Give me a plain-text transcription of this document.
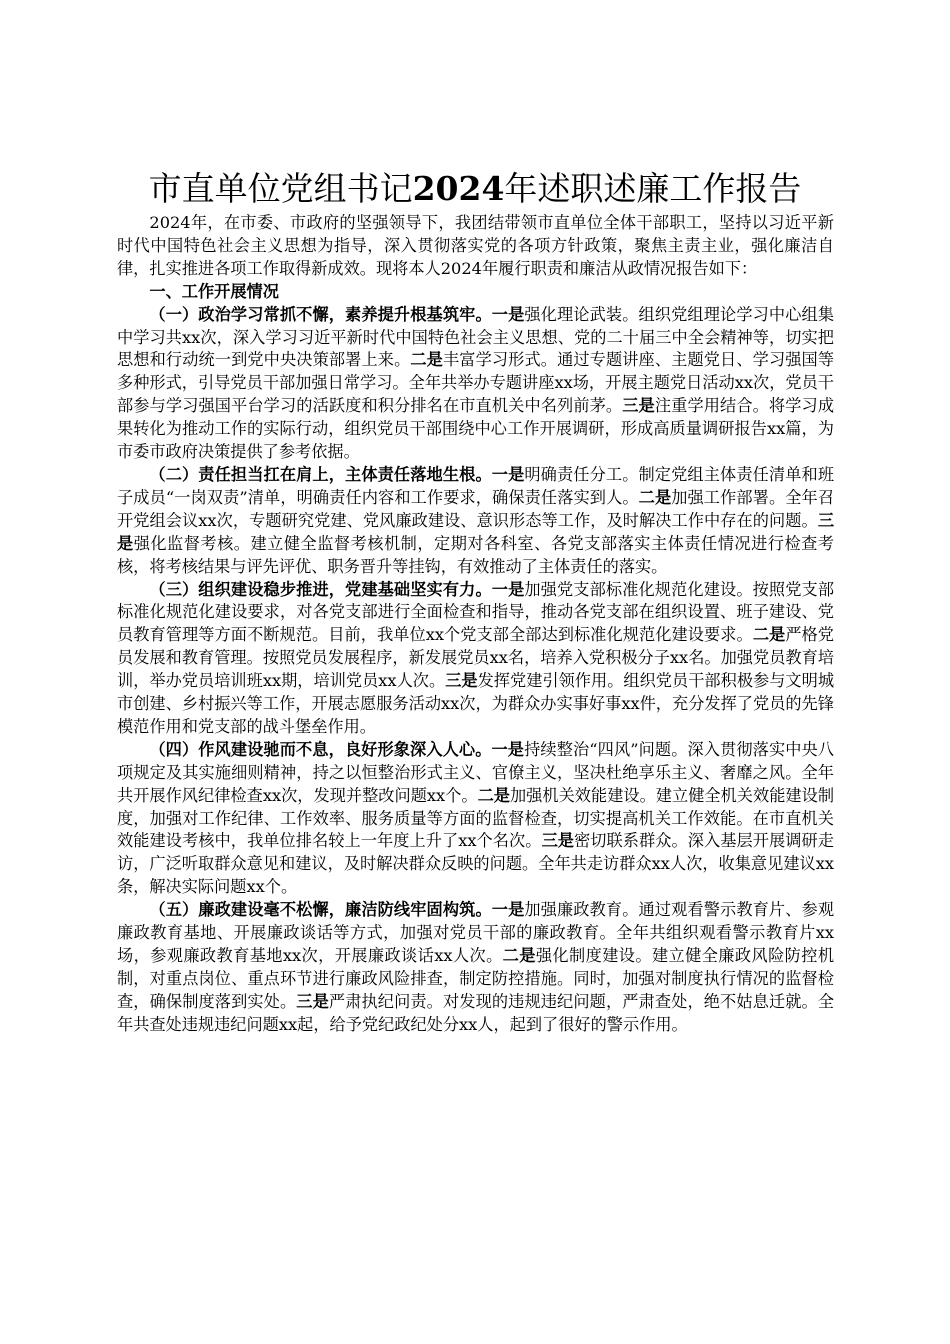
市直单位党组书记2024年述职述廉工作报告

2024年，在市委、市政府的坚强领导下，我团结带领市直单位全体干部职工，坚持以习近平新时代中国特色社会主义思想为指导，深入贯彻落实党的各项方针政策，聚焦主责主业，强化廉洁自律，扎实推进各项工作取得新成效。现将本人2024年履行职责和廉洁从政情况报告如下：

一、工作开展情况

（一）政治学习常抓不懈，素养提升根基筑牢。一是强化理论武装。组织党组理论学习中心组集中学习共xx次，深入学习习近平新时代中国特色社会主义思想、党的二十届三中全会精神等，切实把思想和行动统一到党中央决策部署上来。二是丰富学习形式。通过专题讲座、主题党日、学习强国等多种形式，引导党员干部加强日常学习。全年共举办专题讲座xx场，开展主题党日活动xx次，党员干部参与学习强国平台学习的活跃度和积分排名在市直机关中名列前茅。三是注重学用结合。将学习成果转化为推动工作的实际行动，组织党员干部围绕中心工作开展调研，形成高质量调研报告xx篇，为市委市政府决策提供了参考依据。

（二）责任担当扛在肩上，主体责任落地生根。一是明确责任分工。制定党组主体责任清单和班子成员“一岗双责”清单，明确责任内容和工作要求，确保责任落实到人。二是加强工作部署。全年召开党组会议xx次，专题研究党建、党风廉政建设、意识形态等工作，及时解决工作中存在的问题。三是强化监督考核。建立健全监督考核机制，定期对各科室、各党支部落实主体责任情况进行检查考核，将考核结果与评先评优、职务晋升等挂钩，有效推动了主体责任的落实。

（三）组织建设稳步推进，党建基础坚实有力。一是加强党支部标准化规范化建设。按照党支部标准化规范化建设要求，对各党支部进行全面检查和指导，推动各党支部在组织设置、班子建设、党员教育管理等方面不断规范。目前，我单位xx个党支部全部达到标准化规范化建设要求。二是严格党员发展和教育管理。按照党员发展程序，新发展党员xx名，培养入党积极分子xx名。加强党员教育培训，举办党员培训班xx期，培训党员xx人次。三是发挥党建引领作用。组织党员干部积极参与文明城市创建、乡村振兴等工作，开展志愿服务活动xx次，为群众办实事好事xx件，充分发挥了党员的先锋模范作用和党支部的战斗堡垒作用。

（四）作风建设驰而不息，良好形象深入人心。一是持续整治“四风”问题。深入贯彻落实中央八项规定及其实施细则精神，持之以恒整治形式主义、官僚主义，坚决杜绝享乐主义、奢靡之风。全年共开展作风纪律检查xx次，发现并整改问题xx个。二是加强机关效能建设。建立健全机关效能建设制度，加强对工作纪律、工作效率、服务质量等方面的监督检查，切实提高机关工作效能。在市直机关效能建设考核中，我单位排名较上一年度上升了xx个名次。三是密切联系群众。深入基层开展调研走访，广泛听取群众意见和建议，及时解决群众反映的问题。全年共走访群众xx人次，收集意见建议xx条，解决实际问题xx个。

（五）廉政建设毫不松懈，廉洁防线牢固构筑。一是加强廉政教育。通过观看警示教育片、参观廉政教育基地、开展廉政谈话等方式，加强对党员干部的廉政教育。全年共组织观看警示教育片xx场，参观廉政教育基地xx次，开展廉政谈话xx人次。二是强化制度建设。建立健全廉政风险防控机制，对重点岗位、重点环节进行廉政风险排查，制定防控措施。同时，加强对制度执行情况的监督检查，确保制度落到实处。三是严肃执纪问责。对发现的违规违纪问题，严肃查处，绝不姑息迁就。全年共查处违规违纪问题xx起，给予党纪政纪处分xx人，起到了很好的警示作用。
